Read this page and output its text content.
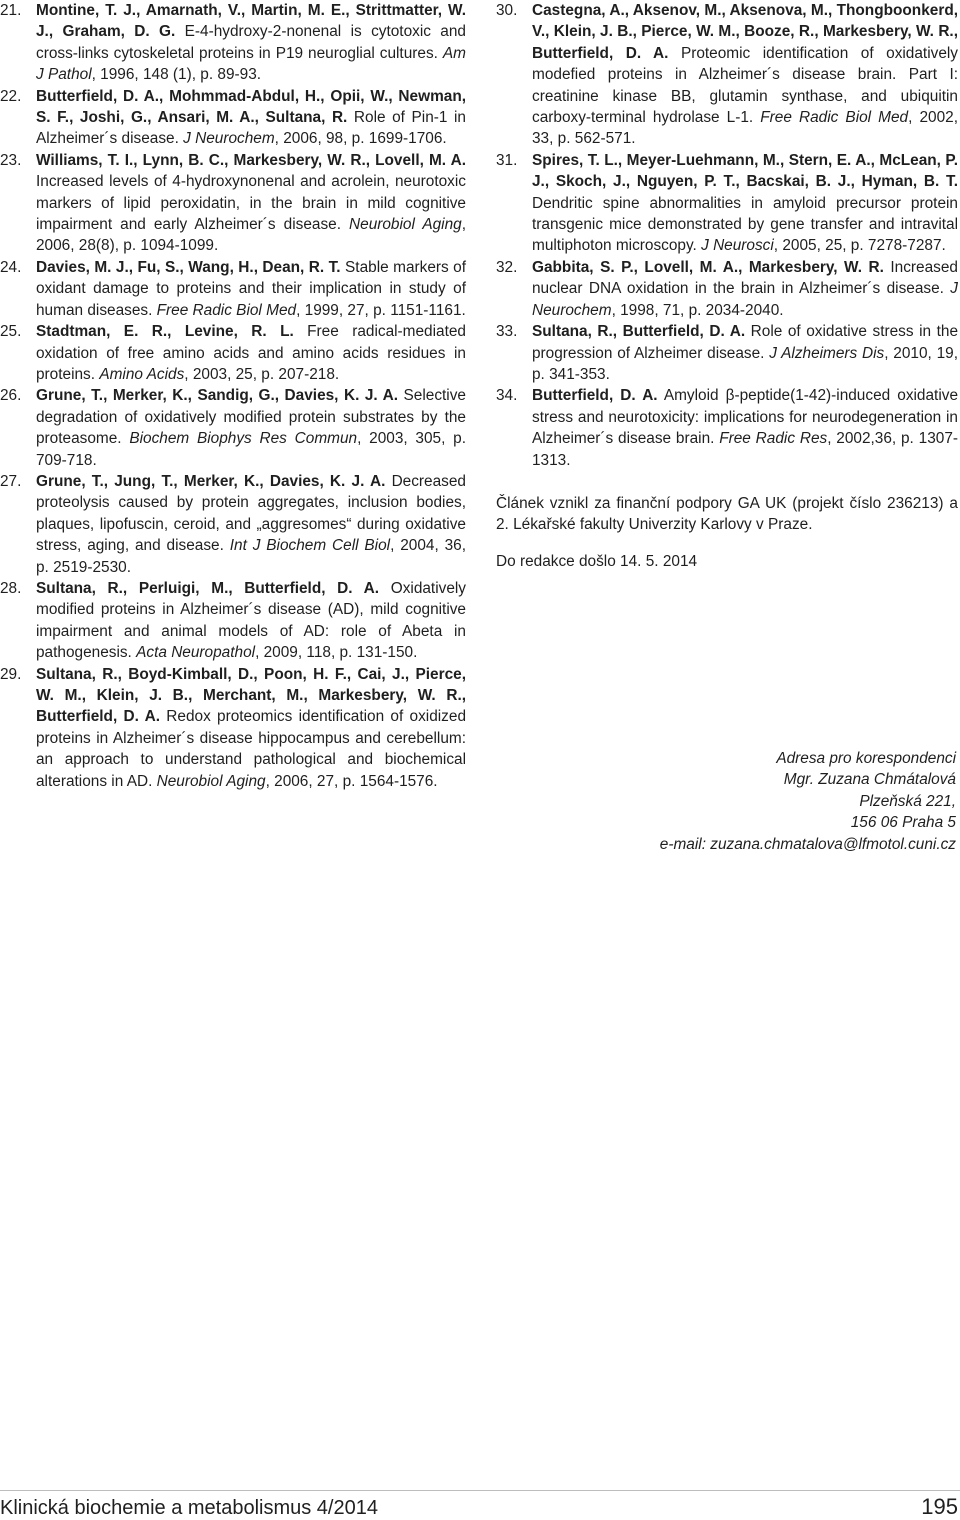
21. Montine, T. J., Amarnath, V., Martin, M. E., Strittmatter, W. J., Graham, D. G. E-4-hydroxy-2-nonenal is cytotoxic and cross-links cytoskeletal proteins in P19 neuroglial cultures. Am J Pathol, 1996, 148 (1), p. 89-93.
22. Butterfield, D. A., Mohmmad-Abdul, H., Opii, W., Newman, S. F., Joshi, G., Ansari, M. A., Sultana, R. Role of Pin-1 in Alzheimer´s disease. J Neurochem, 2006, 98, p. 1699-1706.
23. Williams, T. I., Lynn, B. C., Markesbery, W. R., Lovell, M. A. Increased levels of 4-hydroxynonenal and acrolein, neurotoxic markers of lipid peroxidatin, in the brain in mild cognitive impairment and early Alzheimer´s disease. Neurobiol Aging, 2006, 28(8), p. 1094-1099.
24. Davies, M. J., Fu, S., Wang, H., Dean, R. T. Stable markers of oxidant damage to proteins and their implication in study of human diseases. Free Radic Biol Med, 1999, 27, p. 1151-1161.
25. Stadtman, E. R., Levine, R. L. Free radical-mediated oxidation of free amino acids and amino acids residues in proteins. Amino Acids, 2003, 25, p. 207-218.
26. Grune, T., Merker, K., Sandig, G., Davies, K. J. A. Selective degradation of oxidatively modified protein substrates by the proteasome. Biochem Biophys Res Commun, 2003, 305, p. 709-718.
27. Grune, T., Jung, T., Merker, K., Davies, K. J. A. Decreased proteolysis caused by protein aggregates, inclusion bodies, plaques, lipofuscin, ceroid, and „aggresomes“ during oxidative stress, aging, and disease. Int J Biochem Cell Biol, 2004, 36, p. 2519-2530.
28. Sultana, R., Perluigi, M., Butterfield, D. A. Oxidatively modified proteins in Alzheimer´s disease (AD), mild cognitive impairment and animal models of AD: role of Abeta in pathogenesis. Acta Neuropathol, 2009, 118, p. 131-150.
29. Sultana, R., Boyd-Kimball, D., Poon, H. F., Cai, J., Pierce, W. M., Klein, J. B., Merchant, M., Markesbery, W. R., Butterfield, D. A. Redox proteomics identification of oxidized proteins in Alzheimer´s disease hippocampus and cerebellum: an approach to understand pathological and biochemical alterations in AD. Neurobiol Aging, 2006, 27, p. 1564-1576.
30. Castegna, A., Aksenov, M., Aksenova, M., Thongboonkerd, V., Klein, J. B., Pierce, W. M., Booze, R., Markesbery, W. R., Butterfield, D. A. Proteomic identification of oxidatively modefied proteins in Alzheimer´s disease brain. Part I: creatinine kinase BB, glutamin synthase, and ubiquitin carboxy-terminal hydrolase L-1. Free Radic Biol Med, 2002, 33, p. 562-571.
31. Spires, T. L., Meyer-Luehmann, M., Stern, E. A., McLean, P. J., Skoch, J., Nguyen, P. T., Bacskai, B. J., Hyman, B. T. Dendritic spine abnormalities in amyloid precursor protein transgenic mice demonstrated by gene transfer and intravital multiphoton microscopy. J Neurosci, 2005, 25, p. 7278-7287.
32. Gabbita, S. P., Lovell, M. A., Markesbery, W. R. Increased nuclear DNA oxidation in the brain in Alzheimer´s disease. J Neurochem, 1998, 71, p. 2034-2040.
33. Sultana, R., Butterfield, D. A. Role of oxidative stress in the progression of Alzheimer disease. J Alzheimers Dis, 2010, 19, p. 341-353.
34. Butterfield, D. A. Amyloid β-peptide(1-42)-induced oxidative stress and neurotoxicity: implications for neurodegeneration in Alzheimer´s disease brain. Free Radic Res, 2002,36, p. 1307-1313.

Článek vznikl za finanční podpory GA UK (projekt číslo 236213) a 2. Lékařské fakulty Univerzity Karlovy v Praze.

Do redakce došlo 14. 5. 2014

Adresa pro korespondenci
Mgr. Zuzana Chmátalová
Plzeňská 221,
156 06 Praha 5
e-mail: zuzana.chmatalova@lfmotol.cuni.cz
Klinická biochemie a metabolismus 4/2014	195
